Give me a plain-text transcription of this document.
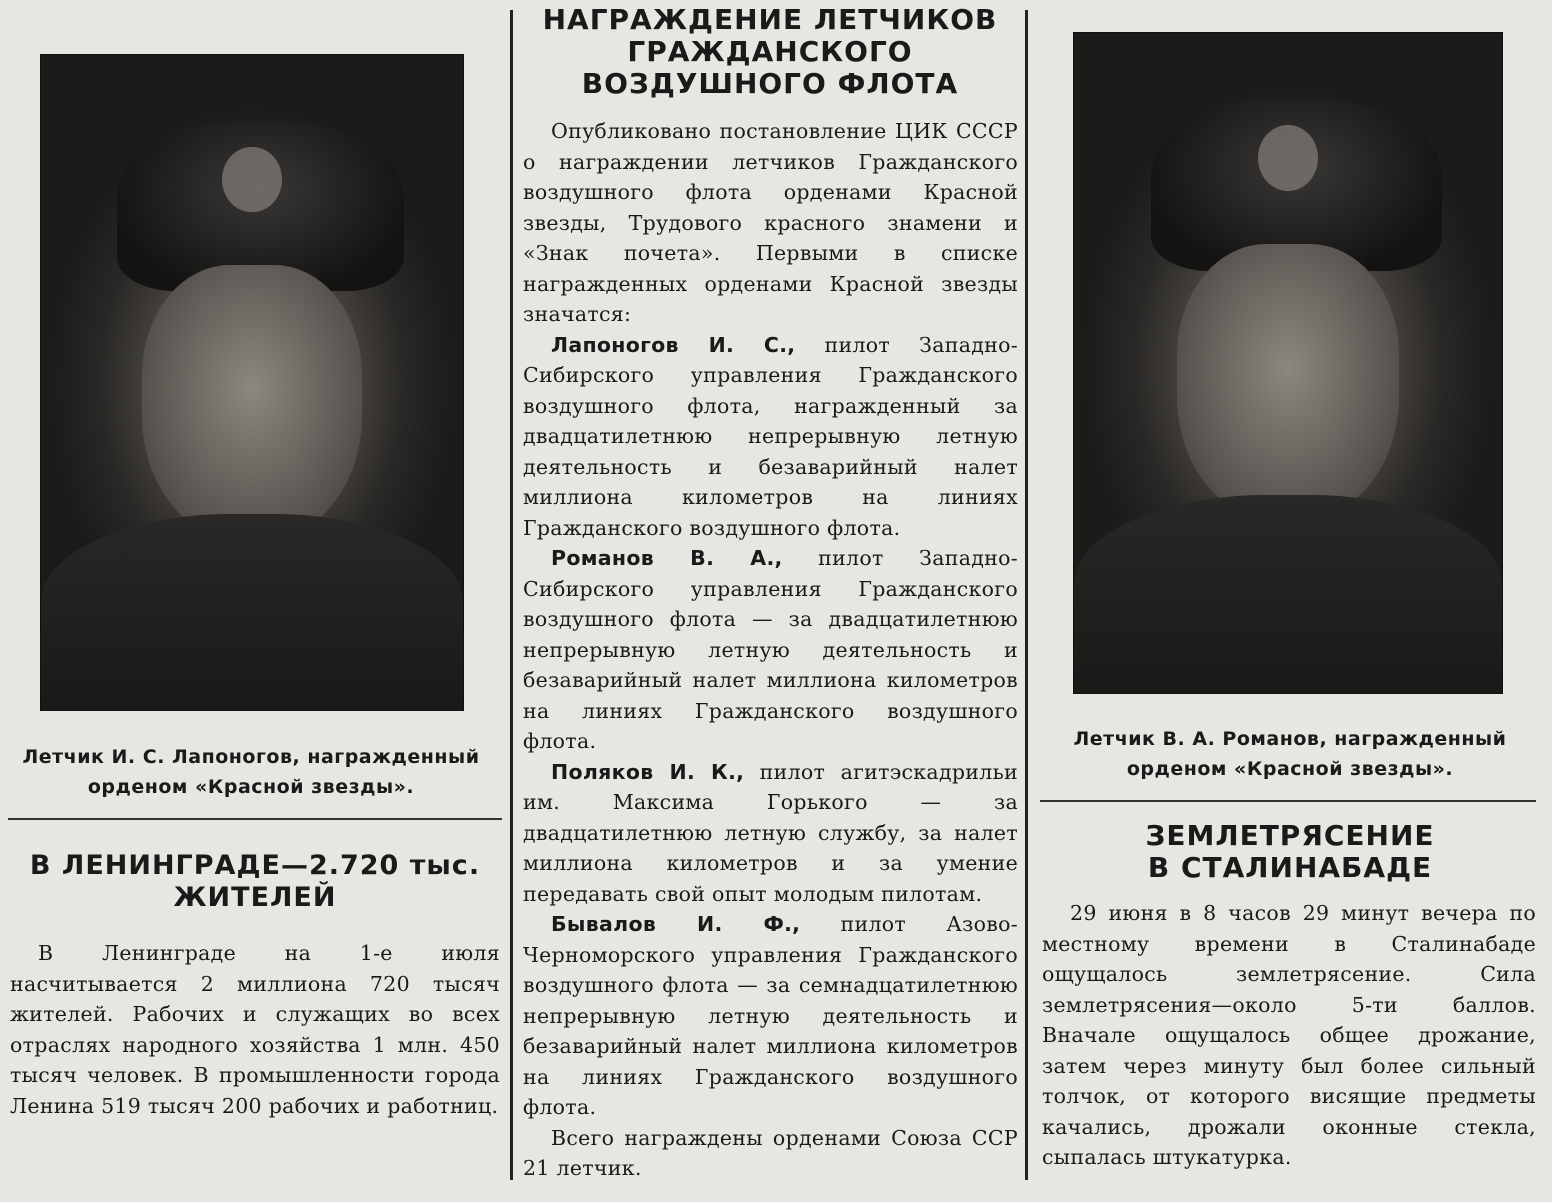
Летчик И. С. Лапоногов, награжденный орденом «Красной звезды».
В ЛЕНИНГРАДЕ—2.720 тыс.
ЖИТЕЛЕЙ

В Ленинграде на 1-е июля насчитывается 2 миллиона 720 тысяч жителей. Рабочих и служащих во всех отраслях народного хозяйства 1 млн. 450 тысяч человек. В промышленности города Ленина 519 тысяч 200 рабочих и работниц.

НАГРАЖДЕНИЕ ЛЕТЧИКОВ
ГРАЖДАНСКОГО
ВОЗДУШНОГО ФЛОТА

Опубликовано постановление ЦИК СССР о награждении летчиков Гражданского воздушного флота орденами Красной звезды, Трудового красного знамени и «Знак почета». Первыми в списке награжденных орденами Красной звезды значатся:

Лапоногов И. С., пилот Западно-Сибирского управления Гражданского воздушного флота, награжденный за двадцатилетнюю непрерывную летную деятельность и безаварийный налет миллиона километров на линиях Гражданского воздушного флота.

Романов В. А., пилот Западно-Сибирского управления Гражданского воздушного флота — за двадцатилетнюю непрерывную летную деятельность и безаварийный налет миллиона километров на линиях Гражданского воздушного флота.

Поляков И. К., пилот агитэскадрильи им. Максима Горького — за двадцатилетнюю летную службу, за налет миллиона километров и за умение передавать свой опыт молодым пилотам.

Бывалов И. Ф., пилот Азово-Черноморского управления Гражданского воздушного флота — за семнадцатилетнюю непрерывную летную деятельность и безаварийный налет миллиона километров на линиях Гражданского воздушного флота.

Всего награждены орденами Союза ССР 21 летчик.

Летчик В. А. Романов, награжденный орденом «Красной звезды».
ЗЕМЛЕТРЯСЕНИЕ
В СТАЛИНАБАДЕ

29 июня в 8 часов 29 минут вечера по местному времени в Сталинабаде ощущалось землетрясение. Сила землетрясения—около 5-ти баллов. Вначале ощущалось общее дрожание, затем через минуту был более сильный толчок, от которого висящие предметы качались, дрожали оконные стекла, сыпалась штукатурка.
